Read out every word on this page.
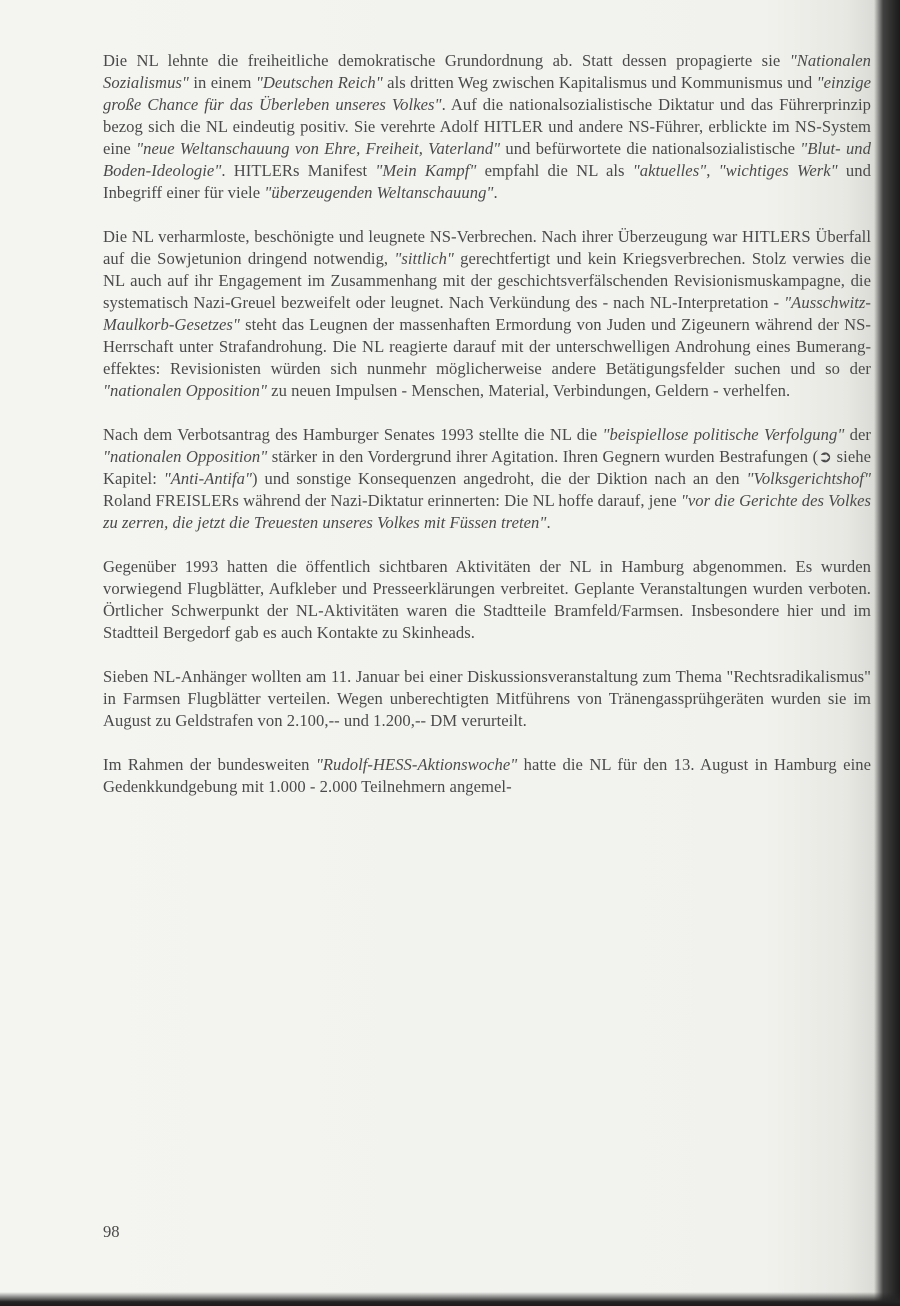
Die NL lehnte die freiheitliche demokratische Grundordnung ab. Statt dessen propagierte sie "Nationalen Sozialismus" in einem "Deutschen Reich" als dritten Weg zwischen Kapitalismus und Kommunismus und "einzige große Chance für das Überleben unseres Volkes". Auf die nationalsozialistische Diktatur und das Führerprinzip bezog sich die NL eindeutig positiv. Sie verehrte Adolf HITLER und andere NS-Führer, erblickte im NS-System eine "neue Weltanschauung von Ehre, Freiheit, Vaterland" und befürwortete die nationalsozialistische "Blut- und Boden-Ideologie". HITLERs Manifest "Mein Kampf" empfahl die NL als "aktuelles", "wichtiges Werk" und Inbegriff einer für viele "überzeugenden Weltanschauung".

Die NL verharmloste, beschönigte und leugnete NS-Verbrechen. Nach ihrer Überzeugung war HITLERS Überfall auf die Sowjetunion dringend notwendig, "sittlich" gerechtfertigt und kein Kriegsverbrechen. Stolz verwies die NL auch auf ihr Engagement im Zusammenhang mit der geschichtsverfälschenden Revisionismuskampagne, die systematisch Nazi-Greuel bezweifelt oder leugnet. Nach Verkündung des - nach NL-Interpretation - "Ausschwitz-Maulkorb-Gesetzes" steht das Leugnen der massenhaften Ermordung von Juden und Zigeunern während der NS-Herrschaft unter Strafandrohung. Die NL reagierte darauf mit der unterschwelligen Androhung eines Bumerangeffektes: Revisionisten würden sich nunmehr möglicherweise andere Betätigungsfelder suchen und so der "nationalen Opposition" zu neuen Impulsen - Menschen, Material, Verbindungen, Geldern - verhelfen.

Nach dem Verbotsantrag des Hamburger Senates 1993 stellte die NL die "beispiellose politische Verfolgung" der "nationalen Opposition" stärker in den Vordergrund ihrer Agitation. Ihren Gegnern wurden Bestrafungen (➲ siehe Kapitel: "Anti-Antifa") und sonstige Konsequenzen angedroht, die der Diktion nach an den "Volksgerichtshof" Roland FREISLERs während der Nazi-Diktatur erinnerten: Die NL hoffe darauf, jene "vor die Gerichte des Volkes zu zerren, die jetzt die Treuesten unseres Volkes mit Füssen treten".

Gegenüber 1993 hatten die öffentlich sichtbaren Aktivitäten der NL in Hamburg abgenommen. Es wurden vorwiegend Flugblätter, Aufkleber und Presseerklärungen verbreitet. Geplante Veranstaltungen wurden verboten. Örtlicher Schwerpunkt der NL-Aktivitäten waren die Stadtteile Bramfeld/Farmsen. Insbesondere hier und im Stadtteil Bergedorf gab es auch Kontakte zu Skinheads.

Sieben NL-Anhänger wollten am 11. Januar bei einer Diskussionsveranstaltung zum Thema "Rechtsradikalismus" in Farmsen Flugblätter verteilen. Wegen unberechtigten Mitführens von Tränengassprühgeräten wurden sie im August zu Geldstrafen von 2.100,-- und 1.200,-- DM verurteilt.

Im Rahmen der bundesweiten "Rudolf-HESS-Aktionswoche" hatte die NL für den 13. August in Hamburg eine Gedenkkundgebung mit 1.000 - 2.000 Teilnehmern angemel-

98
